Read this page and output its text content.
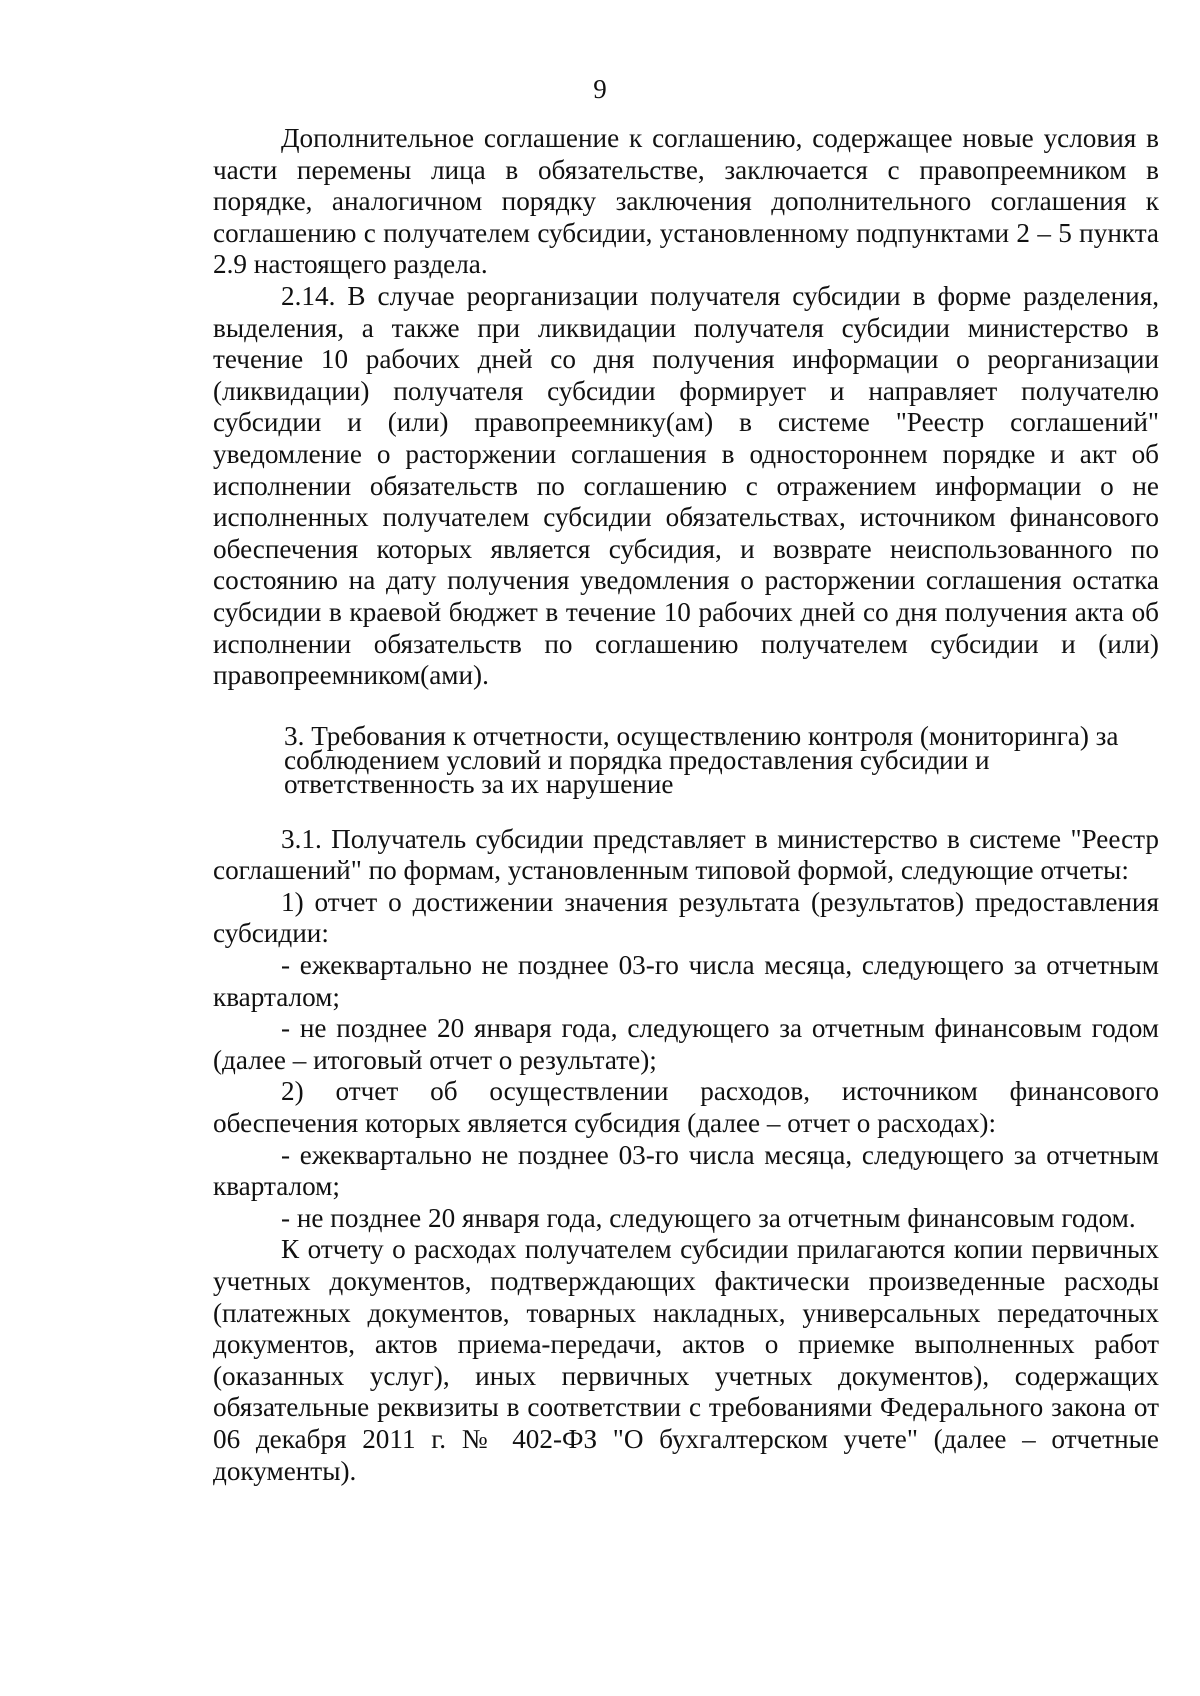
9

Дополнительное соглашение к соглашению, содержащее новые условия в части перемены лица в обязательстве, заключается с правопреемником в порядке, аналогичном порядку заключения дополнительного соглашения к соглашению с получателем субсидии, установленному подпунктами 2 – 5 пункта 2.9 настоящего раздела.

2.14. В случае реорганизации получателя субсидии в форме разделения, выделения, а также при ликвидации получателя субсидии министерство в течение 10 рабочих дней со дня получения информации о реорганизации (ликвидации) получателя субсидии формирует и направляет получателю субсидии и (или) правопреемнику(ам) в системе "Реестр соглашений" уведомление о расторжении соглашения в одностороннем порядке и акт об исполнении обязательств по соглашению с отражением информации о не исполненных получателем субсидии обязательствах, источником финансового обеспечения которых является субсидия, и возврате неиспользованного по состоянию на дату получения уведомления о расторжении соглашения остатка субсидии в краевой бюджет в течение 10 рабочих дней со дня получения акта об исполнении обязательств по соглашению получателем субсидии и (или) правопреемником(ами).

3. Требования к отчетности, осуществлению контроля (мониторинга) за
соблюдением условий и порядка предоставления субсидии и
ответственность за их нарушение

3.1. Получатель субсидии представляет в министерство в системе "Реестр соглашений" по формам, установленным типовой формой, следующие отчеты:

1) отчет о достижении значения результата (результатов) предоставления субсидии:

- ежеквартально не позднее 03-го числа месяца, следующего за отчетным кварталом;

- не позднее 20 января года, следующего за отчетным финансовым годом (далее – итоговый отчет о результате);

2) отчет об осуществлении расходов, источником финансового обеспечения которых является субсидия (далее – отчет о расходах):

- ежеквартально не позднее 03-го числа месяца, следующего за отчетным кварталом;

- не позднее 20 января года, следующего за отчетным финансовым годом.

К отчету о расходах получателем субсидии прилагаются копии первичных учетных документов, подтверждающих фактически произведенные расходы (платежных документов, товарных накладных, универсальных передаточных документов, актов приема-передачи, актов о приемке выполненных работ (оказанных услуг), иных первичных учетных документов), содержащих обязательные реквизиты в соответствии с требованиями Федерального закона от 06 декабря 2011 г. № 402-ФЗ "О бухгалтерском учете" (далее – отчетные документы).
